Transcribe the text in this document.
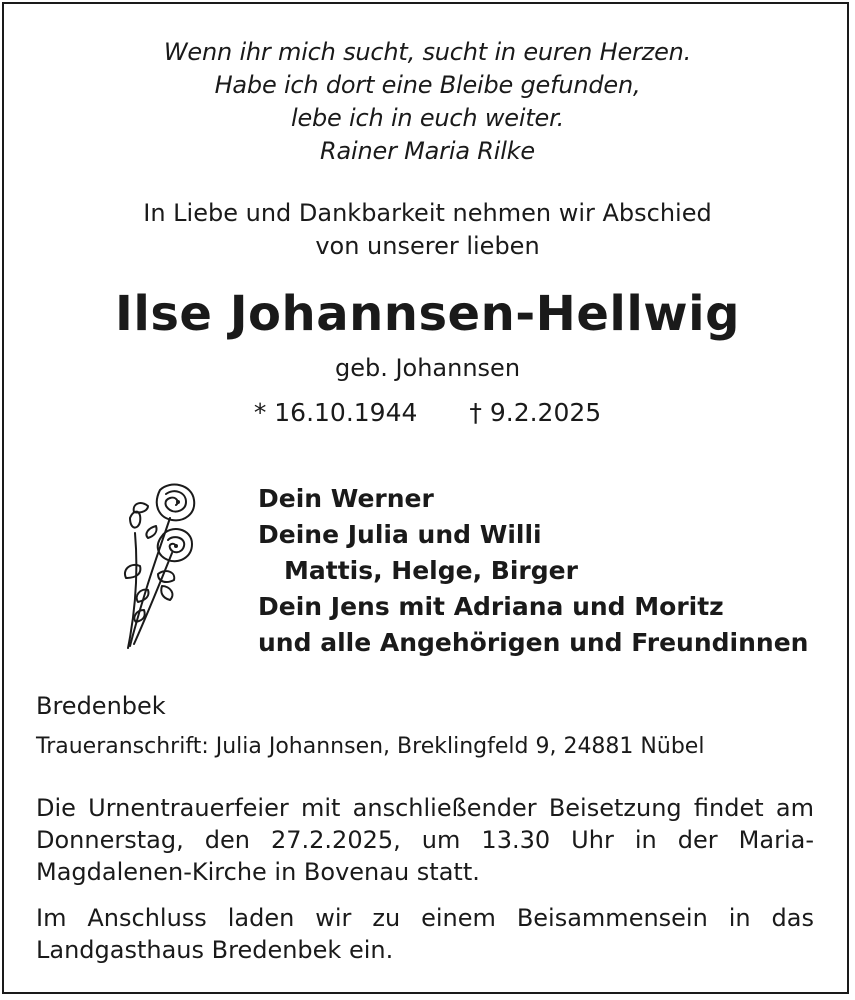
Wenn ihr mich sucht, sucht in euren Herzen.
Habe ich dort eine Bleibe gefunden,
lebe ich in euch weiter.
Rainer Maria Rilke
In Liebe und Dankbarkeit nehmen wir Abschied
von unserer lieben
Ilse Johannsen-Hellwig
geb. Johannsen
* 16.10.1944 † 9.2.2025
Dein Werner
Deine Julia und Willi
Mattis, Helge, Birger
Dein Jens mit Adriana und Moritz
und alle Angehörigen und Freundinnen
Bredenbek
Traueranschrift: Julia Johannsen, Breklingfeld 9, 24881 Nübel
Die Urnentrauerfeier mit anschließender Beisetzung findet am Donnerstag, den 27.2.2025, um 13.30 Uhr in der Maria-Magdalenen-Kirche in Bovenau statt.
Im Anschluss laden wir zu einem Beisammensein in das Landgasthaus Bredenbek ein.
